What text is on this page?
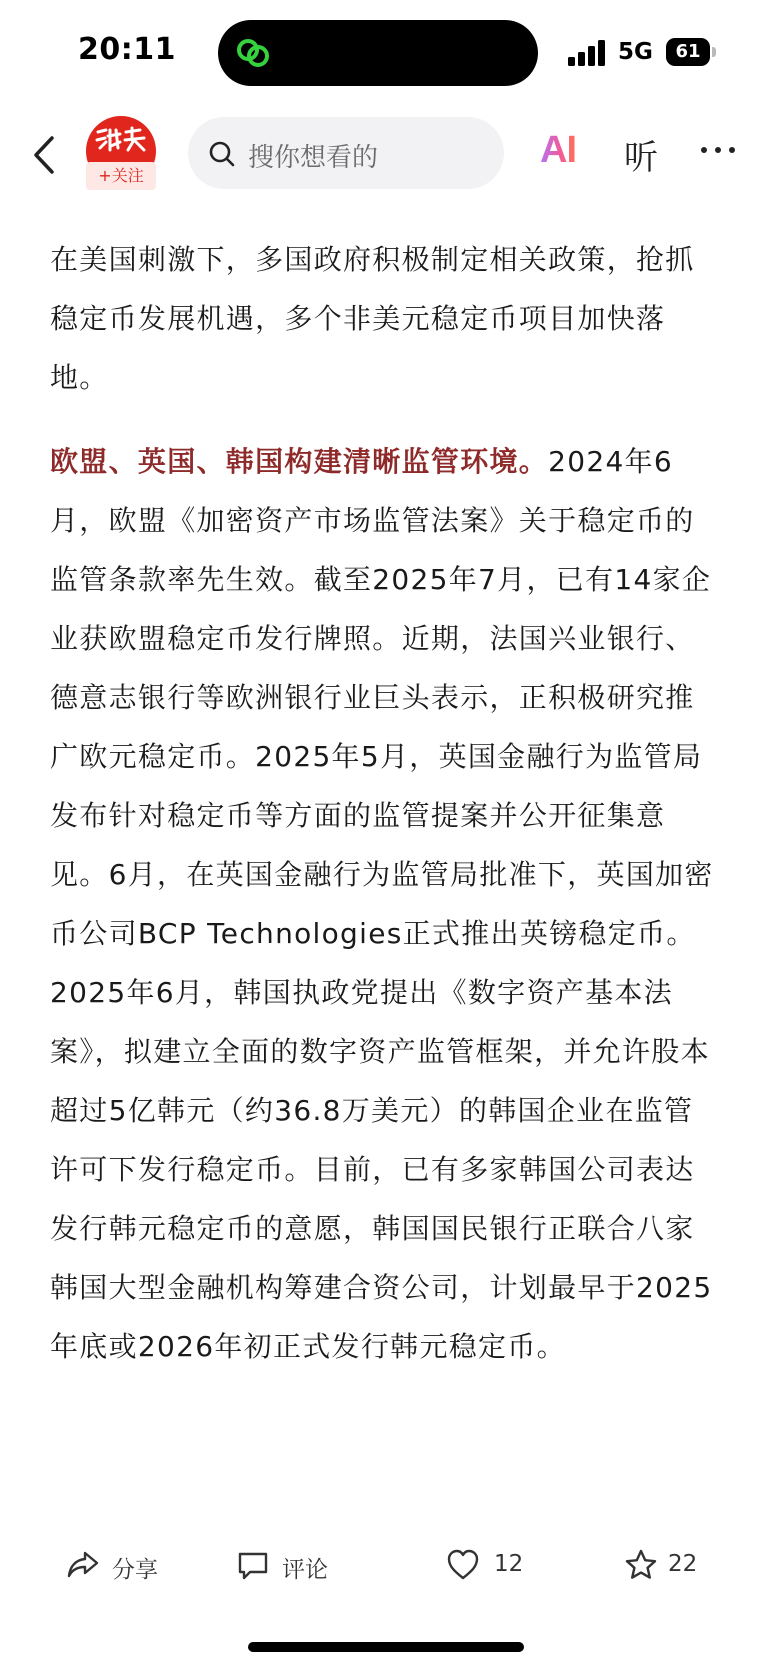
20:11	5G	61
+关注
搜你想看的	AI 听

在美国刺激下，多国政府积极制定相关政策，抢抓稳定币发展机遇，多个非美元稳定币项目加快落地。

欧盟、英国、韩国构建清晰监管环境。2024年6月，欧盟《加密资产市场监管法案》关于稳定币的监管条款率先生效。截至2025年7月，已有14家企业获欧盟稳定币发行牌照。近期，法国兴业银行、德意志银行等欧洲银行业巨头表示，正积极研究推广欧元稳定币。2025年5月，英国金融行为监管局发布针对稳定币等方面的监管提案并公开征集意见。6月，在英国金融行为监管局批准下，英国加密币公司BCP Technologies正式推出英镑稳定币。2025年6月，韩国执政党提出《数字资产基本法案》，拟建立全面的数字资产监管框架，并允许股本超过5亿韩元（约36.8万美元）的韩国企业在监管许可下发行稳定币。目前，已有多家韩国公司表达发行韩元稳定币的意愿，韩国国民银行正联合八家韩国大型金融机构筹建合资公司，计划最早于2025年底或2026年初正式发行韩元稳定币。

分享	评论	12	22
